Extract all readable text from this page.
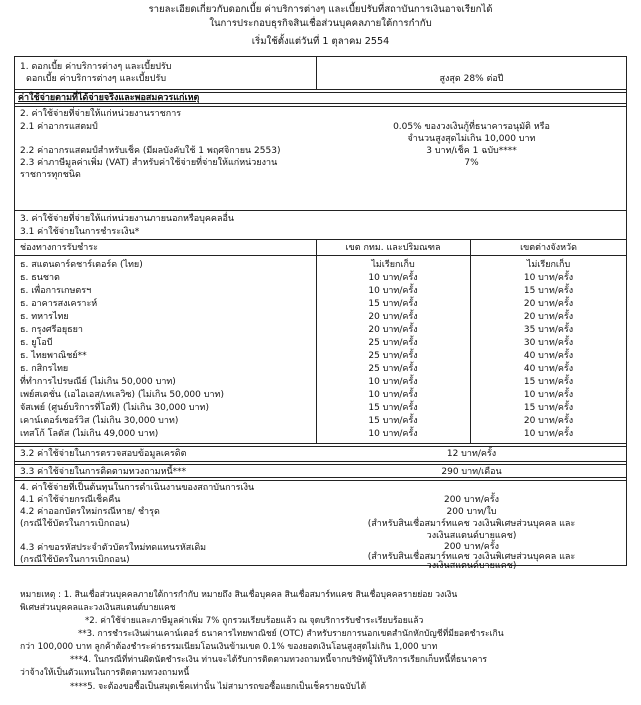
รายละเอียดเกี่ยวกับดอกเบี้ย ค่าบริการต่างๆ และเบี้ยปรับที่สถาบันการเงินอาจเรียกได้
ในการประกอบธุรกิจสินเชื่อส่วนบุคคลภายใต้การกำกับ
เริ่มใช้ตั้งแต่วันที่ 1 ตุลาคม 2554
1. ดอกเบี้ย ค่าบริการต่างๆ และเบี้ยปรับ
ดอกเบี้ย ค่าบริการต่างๆ และเบี้ยปรับ	สูงสุด 28% ต่อปี
ค่าใช้จ่ายตามที่ได้จ่ายจริงและพอสมควรแก่เหตุ
2. ค่าใช้จ่ายที่จ่ายให้แก่หน่วยงานราชการ
2.1 ค่าอากรแสตมป์	0.05% ของวงเงินกู้ที่ธนาคารอนุมัติ หรือ
จำนวนสูงสุดไม่เกิน 10,000 บาท
2.2 ค่าอากรแสตมป์สำหรับเช็ค (มีผลบังคับใช้ 1 พฤศจิกายน 2553)	3 บาท/เช็ค 1 ฉบับ****
2.3 ค่าภาษีมูลค่าเพิ่ม (VAT) สำหรับค่าใช้จ่ายที่จ่ายให้แก่หน่วยงาน
ราชการทุกชนิด
7%
3. ค่าใช้จ่ายที่จ่ายให้แก่หน่วยงานภายนอกหรือบุคคลอื่น
3.1 ค่าใช้จ่ายในการชำระเงิน*
ช่องทางการรับชำระ	เขต กทม. และปริมณฑล	เขตต่างจังหวัด
ธ. สแตนดาร์ดชาร์เตอร์ด (ไทย)	ไม่เรียกเก็บ	ไม่เรียกเก็บ
ธ. ธนชาต	10 บาท/ครั้ง	10 บาท/ครั้ง
ธ. เพื่อการเกษตรฯ	10 บาท/ครั้ง	15 บาท/ครั้ง
ธ. อาคารสงเคราะห์	15 บาท/ครั้ง	20 บาท/ครั้ง
ธ. ทหารไทย	20 บาท/ครั้ง	20 บาท/ครั้ง
ธ. กรุงศรีอยุธยา	20 บาท/ครั้ง	35 บาท/ครั้ง
ธ. ยูโอบี	25 บาท/ครั้ง	30 บาท/ครั้ง
ธ. ไทยพาณิชย์**	25 บาท/ครั้ง	40 บาท/ครั้ง
ธ. กสิกรไทย	25 บาท/ครั้ง	40 บาท/ครั้ง
ที่ทำการไปรษณีย์ (ไม่เกิน 50,000 บาท)	10 บาท/ครั้ง	15 บาท/ครั้ง
เพย์สเตชั่น (เอไอเอส/เทเลวิซ) (ไม่เกิน 50,000 บาท)	10 บาท/ครั้ง	10 บาท/ครั้ง
จัสเพย์ (ศูนย์บริการที่โอที) (ไม่เกิน 30,000 บาท)	15 บาท/ครั้ง	15 บาท/ครั้ง
เคาน์เตอร์เซอร์วิส (ไม่เกิน 30,000 บาท)	15 บาท/ครั้ง	20 บาท/ครั้ง
เทสโก้ โลตัส (ไม่เกิน 49,000 บาท)	10 บาท/ครั้ง	10 บาท/ครั้ง
3.2 ค่าใช้จ่ายในการตรวจสอบข้อมูลเครดิต	12 บาท/ครั้ง
3.3 ค่าใช้จ่ายในการติดตามทวงถามหนี้***	290 บาท/เดือน
4. ค่าใช้จ่ายที่เป็นต้นทุนในการดำเนินงานของสถาบันการเงิน
4.1 ค่าใช้จ่ายกรณีเช็คคืน	200 บาท/ครั้ง
4.2 ค่าออกบัตรใหม่กรณีหาย/ ชำรุด
(กรณีใช้บัตรในการเบิกถอน)
200 บาท/ใบ
(สำหรับสินเชื่อสมาร์ทแคช วงเงินพิเศษส่วนบุคคล และ
วงเงินสแตนด์บายแคช)
4.3 ค่าขอรหัสประจำตัวบัตรใหม่ทดแทนรหัสเดิม
(กรณีใช้บัตรในการเบิกถอน)
200 บาท/ครั้ง
(สำหรับสินเชื่อสมาร์ทแคช วงเงินพิเศษส่วนบุคคล และ
วงเงินสแตนด์บายแคช)
หมายเหตุ : 1. สินเชื่อส่วนบุคคลภายใต้การกำกับ หมายถึง สินเชื่อบุคคล สินเชื่อสมาร์ทแคช สินเชื่อบุคคลรายย่อย วงเงิน
พิเศษส่วนบุคคลและวงเงินสแตนด์บายแคช
*2. ค่าใช้จ่ายและภาษีมูลค่าเพิ่ม 7% ถูกรวมเรียบร้อยแล้ว ณ จุดบริการรับชำระเรียบร้อยแล้ว
**3. การชำระเงินผ่านเคาน์เตอร์ ธนาคารไทยพาณิชย์ (OTC) สำหรับรายการนอกเขตสำนักหักบัญชีที่มียอดชำระเกิน
กว่า 100,000 บาท ลูกค้าต้องชำระค่าธรรมเนียมโอนเงินข้ามเขต 0.1% ของยอดเงินโอนสูงสุดไม่เกิน 1,000 บาท
***4. ในกรณีที่ท่านผิดนัดชำระเงิน ท่านจะได้รับการติดตามทวงถามหนี้จากบริษัทผู้ให้บริการเรียกเก็บหนี้ที่ธนาคาร
ว่าจ้างให้เป็นตัวแทนในการติดตามทวงถามหนี้
****5. จะต้องขอซื้อเป็นสมุดเช็คเท่านั้น ไม่สามารถขอซื้อแยกเป็นเช็ครายฉบับได้
